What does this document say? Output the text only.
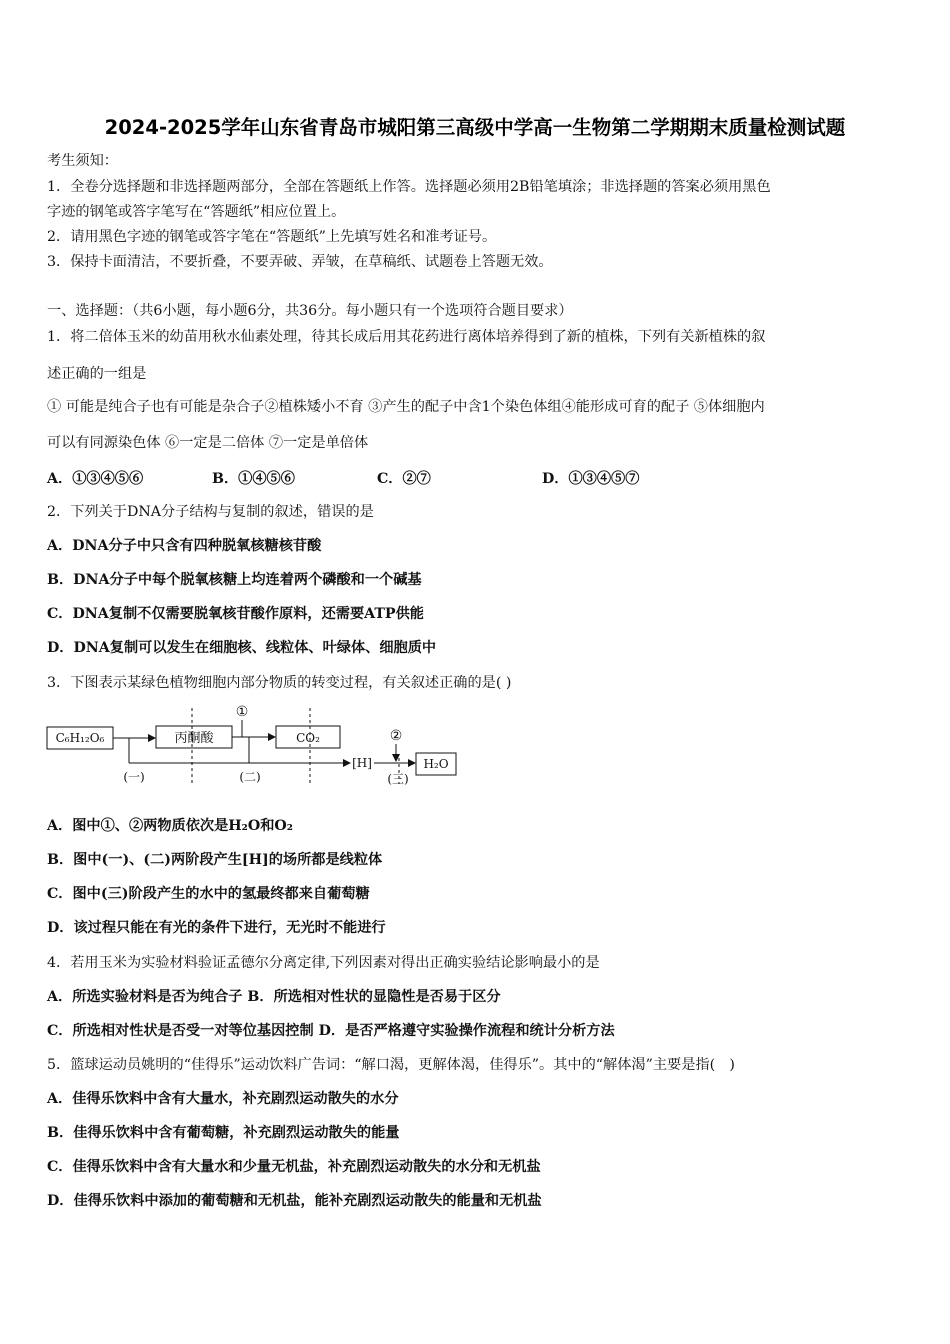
2024-2025学年山东省青岛市城阳第三高级中学高一生物第二学期期末质量检测试题
考生须知：
1．全卷分选择题和非选择题两部分，全部在答题纸上作答。选择题必须用2B铅笔填涂；非选择题的答案必须用黑色
字迹的钢笔或答字笔写在“答题纸”相应位置上。
2．请用黑色字迹的钢笔或答字笔在“答题纸”上先填写姓名和准考证号。
3．保持卡面清洁，不要折叠，不要弄破、弄皱，在草稿纸、试题卷上答题无效。
一、选择题：（共6小题，每小题6分，共36分。每小题只有一个选项符合题目要求）
1．将二倍体玉米的幼苗用秋水仙素处理，待其长成后用其花药进行离体培养得到了新的植株，下列有关新植株的叙
述正确的一组是
① 可能是纯合子也有可能是杂合子②植株矮小不育 ③产生的配子中含1个染色体组④能形成可育的配子 ⑤体细胞内
可以有同源染色体 ⑥一定是二倍体 ⑦一定是单倍体
A．①③④⑤⑥	B．①④⑤⑥	C．②⑦	D．①③④⑤⑦
2．下列关于DNA分子结构与复制的叙述，错误的是
A．DNA分子中只含有四种脱氧核糖核苷酸
B．DNA分子中每个脱氧核糖上均连着两个磷酸和一个碱基
C．DNA复制不仅需要脱氧核苷酸作原料，还需要ATP供能
D．DNA复制可以发生在细胞核、线粒体、叶绿体、细胞质中
3．下图表示某绿色植物细胞内部分物质的转变过程，有关叙述正确的是( )
C₆H₁₂O₆	丙酮酸	CO₂
H₂O
[H]
①
②
(一)	(二)	(三)
A．图中①、②两物质依次是H₂O和O₂
B．图中(一)、(二)两阶段产生[H]的场所都是线粒体
C．图中(三)阶段产生的水中的氢最终都来自葡萄糖
D．该过程只能在有光的条件下进行，无光时不能进行
4．若用玉米为实验材料验证孟德尔分离定律,下列因素对得出正确实验结论影响最小的是
A．所选实验材料是否为纯合子 B．所选相对性状的显隐性是否易于区分
C．所选相对性状是否受一对等位基因控制 D．是否严格遵守实验操作流程和统计分析方法
5．篮球运动员姚明的“佳得乐”运动饮料广告词：“解口渴，更解体渴，佳得乐”。其中的“解体渴”主要是指(　)
A．佳得乐饮料中含有大量水，补充剧烈运动散失的水分
B．佳得乐饮料中含有葡萄糖，补充剧烈运动散失的能量
C．佳得乐饮料中含有大量水和少量无机盐，补充剧烈运动散失的水分和无机盐
D．佳得乐饮料中添加的葡萄糖和无机盐，能补充剧烈运动散失的能量和无机盐
